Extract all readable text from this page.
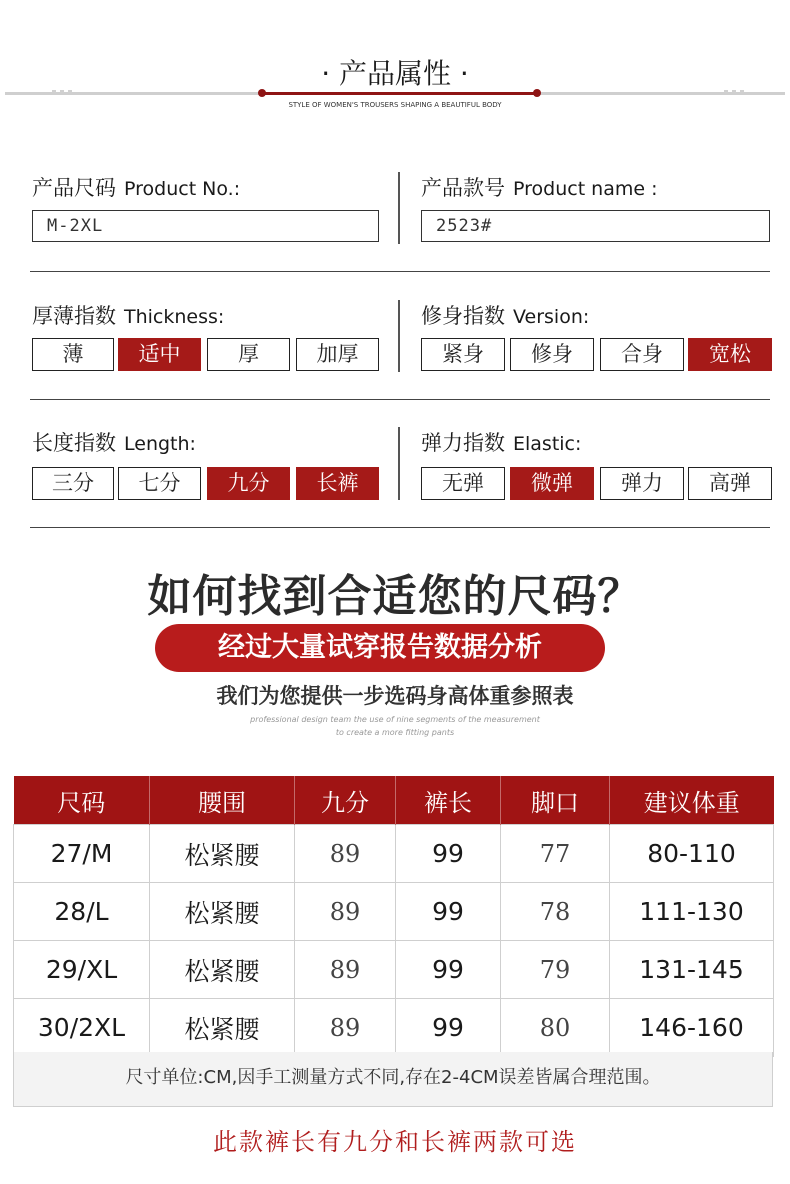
· 产品属性 ·
STYLE OF WOMEN'S TROUSERS SHAPING A BEAUTIFUL BODY
产品尺码 Product No.:
M-2XL
产品款号 Product name :
2523#
厚薄指数 Thickness:
薄	适中	厚	加厚
修身指数 Version:
紧身	修身	合身	宽松
长度指数 Length:
三分	七分	九分	长裤
弹力指数 Elastic:
无弹	微弹	弹力	高弹
如何找到合适您的尺码？
经过大量试穿报告数据分析
我们为您提供一步选码身高体重参照表
professional design team the use of nine segments of the measurement
to create a more fitting pants
尺码	腰围	九分	裤长	脚口	建议体重
27/M	松紧腰	89	99	77	80-110
28/L	松紧腰	89	99	78	111-130
29/XL	松紧腰	89	99	79	131-145
30/2XL	松紧腰	89	99	80	146-160
尺寸单位:CM,因手工测量方式不同,存在2-4CM误差皆属合理范围。
此款裤长有九分和长裤两款可选
